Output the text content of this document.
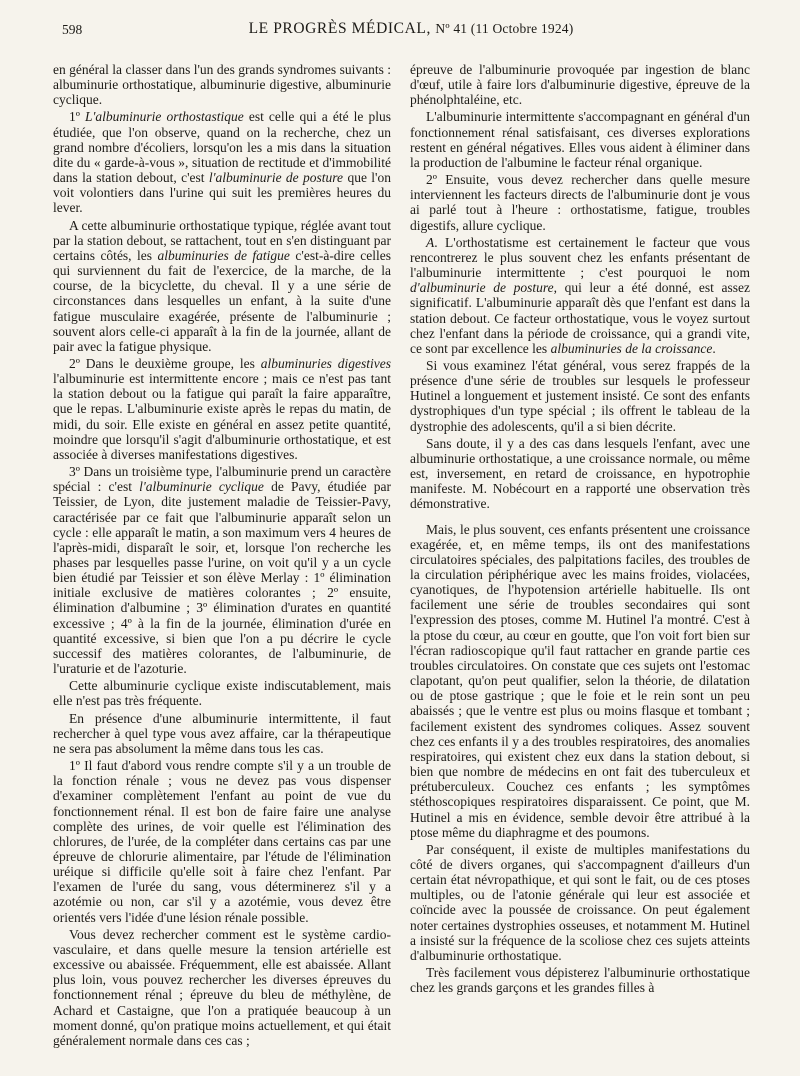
598	LE PROGRÈS MÉDICAL, Nº 41 (11 Octobre 1924)

en général la classer dans l'un des grands syndromes suivants : albuminurie orthostatique, albuminurie digestive, albuminurie cyclique.

1º L'albuminurie orthostastique est celle qui a été le plus étudiée, que l'on observe, quand on la recherche, chez un grand nombre d'écoliers, lorsqu'on les a mis dans la situation dite du « garde-à-vous », situation de rectitude et d'immobilité dans la station debout, c'est l'albuminurie de posture que l'on voit volontiers dans l'urine qui suit les premières heures du lever.

A cette albuminurie orthostatique typique, réglée avant tout par la station debout, se rattachent, tout en s'en distinguant par certains côtés, les albuminuries de fatigue c'est-à-dire celles qui surviennent du fait de l'exercice, de la marche, de la course, de la bicyclette, du cheval. Il y a une série de circonstances dans lesquelles un enfant, à la suite d'une fatigue musculaire exagérée, présente de l'albuminurie ; souvent alors celle-ci apparaît à la fin de la journée, allant de pair avec la fatigue physique.

2º Dans le deuxième groupe, les albuminuries digestives l'albuminurie est intermittente encore ; mais ce n'est pas tant la station debout ou la fatigue qui paraît la faire apparaître, que le repas. L'albuminurie existe après le repas du matin, de midi, du soir. Elle existe en général en assez petite quantité, moindre que lorsqu'il s'agit d'albuminurie orthostatique, et est associée à diverses manifestations digestives.

3º Dans un troisième type, l'albuminurie prend un caractère spécial : c'est l'albuminurie cyclique de Pavy, étudiée par Teissier, de Lyon, dite justement maladie de Teissier-Pavy, caractérisée par ce fait que l'albuminurie apparaît selon un cycle : elle apparaît le matin, a son maximum vers 4 heures de l'après-midi, disparaît le soir, et, lorsque l'on recherche les phases par lesquelles passe l'urine, on voit qu'il y a un cycle bien étudié par Teissier et son élève Merlay : 1º élimination initiale exclusive de matières colorantes ; 2º ensuite, élimination d'albumine ; 3º élimination d'urates en quantité excessive ; 4º à la fin de la journée, élimination d'urée en quantité excessive, si bien que l'on a pu décrire le cycle successif des matières colorantes, de l'albuminurie, de l'uraturie et de l'azoturie.

Cette albuminurie cyclique existe indiscutablement, mais elle n'est pas très fréquente.

En présence d'une albuminurie intermittente, il faut rechercher à quel type vous avez affaire, car la thérapeutique ne sera pas absolument la même dans tous les cas.

1º Il faut d'abord vous rendre compte s'il y a un trouble de la fonction rénale ; vous ne devez pas vous dispenser d'examiner complètement l'enfant au point de vue du fonctionnement rénal. Il est bon de faire faire une analyse complète des urines, de voir quelle est l'élimination des chlorures, de l'urée, de la compléter dans certains cas par une épreuve de chlorurie alimentaire, par l'étude de l'élimination uréique si difficile qu'elle soit à faire chez l'enfant. Par l'examen de l'urée du sang, vous déterminerez s'il y a azotémie ou non, car s'il y a azotémie, vous devez être orientés vers l'idée d'une lésion rénale possible.

Vous devez rechercher comment est le système cardio-vasculaire, et dans quelle mesure la tension artérielle est excessive ou abaissée. Fréquemment, elle est abaissée. Allant plus loin, vous pouvez rechercher les diverses épreuves du fonctionnement rénal ; épreuve du bleu de méthylène, de Achard et Castaigne, que l'on a pratiquée beaucoup à un moment donné, qu'on pratique moins actuellement, et qui était généralement normale dans ces cas ;

épreuve de l'albuminurie provoquée par ingestion de blanc d'œuf, utile à faire lors d'albuminurie digestive, épreuve de la phénolphtaléine, etc.

L'albuminurie intermittente s'accompagnant en général d'un fonctionnement rénal satisfaisant, ces diverses explorations restent en général négatives. Elles vous aident à éliminer dans la production de l'albumine le facteur rénal organique.

2º Ensuite, vous devez rechercher dans quelle mesure interviennent les facteurs directs de l'albuminurie dont je vous ai parlé tout à l'heure : orthostatisme, fatigue, troubles digestifs, allure cyclique.

A. L'orthostatisme est certainement le facteur que vous rencontrerez le plus souvent chez les enfants présentant de l'albuminurie intermittente ; c'est pourquoi le nom d'albuminurie de posture, qui leur a été donné, est assez significatif. L'albuminurie apparaît dès que l'enfant est dans la station debout. Ce facteur orthostatique, vous le voyez surtout chez l'enfant dans la période de croissance, qui a grandi vite, ce sont par excellence les albuminuries de la croissance.

Si vous examinez l'état général, vous serez frappés de la présence d'une série de troubles sur lesquels le professeur Hutinel a longuement et justement insisté. Ce sont des enfants dystrophiques d'un type spécial ; ils offrent le tableau de la dystrophie des adolescents, qu'il a si bien décrite.

Sans doute, il y a des cas dans lesquels l'enfant, avec une albuminurie orthostatique, a une croissance normale, ou même est, inversement, en retard de croissance, en hypotrophie manifeste. M. Nobécourt en a rapporté une observation très démonstrative.

Mais, le plus souvent, ces enfants présentent une croissance exagérée, et, en même temps, ils ont des manifestations circulatoires spéciales, des palpitations faciles, des troubles de la circulation périphérique avec les mains froides, violacées, cyanotiques, de l'hypotension artérielle habituelle. Ils ont facilement une série de troubles secondaires qui sont l'expression des ptoses, comme M. Hutinel l'a montré. C'est à la ptose du cœur, au cœur en goutte, que l'on voit fort bien sur l'écran radioscopique qu'il faut rattacher en grande partie ces troubles circulatoires. On constate que ces sujets ont l'estomac clapotant, qu'on peut qualifier, selon la théorie, de dilatation ou de ptose gastrique ; que le foie et le rein sont un peu abaissés ; que le ventre est plus ou moins flasque et tombant ; facilement existent des syndromes coliques. Assez souvent chez ces enfants il y a des troubles respiratoires, des anomalies respiratoires, qui existent chez eux dans la station debout, si bien que nombre de médecins en ont fait des tuberculeux et prétuberculeux. Couchez ces enfants ; les symptômes stéthoscopiques respiratoires disparaissent. Ce point, que M. Hutinel a mis en évidence, semble devoir être attribué à la ptose même du diaphragme et des poumons.

Par conséquent, il existe de multiples manifestations du côté de divers organes, qui s'accompagnent d'ailleurs d'un certain état névropathique, et qui sont le fait, ou de ces ptoses multiples, ou de l'atonie générale qui leur est associée et coïncide avec la poussée de croissance. On peut également noter certaines dystrophies osseuses, et notamment M. Hutinel a insisté sur la fréquence de la scoliose chez ces sujets atteints d'albuminurie orthostatique.

Très facilement vous dépisterez l'albuminurie orthostatique chez les grands garçons et les grandes filles à
